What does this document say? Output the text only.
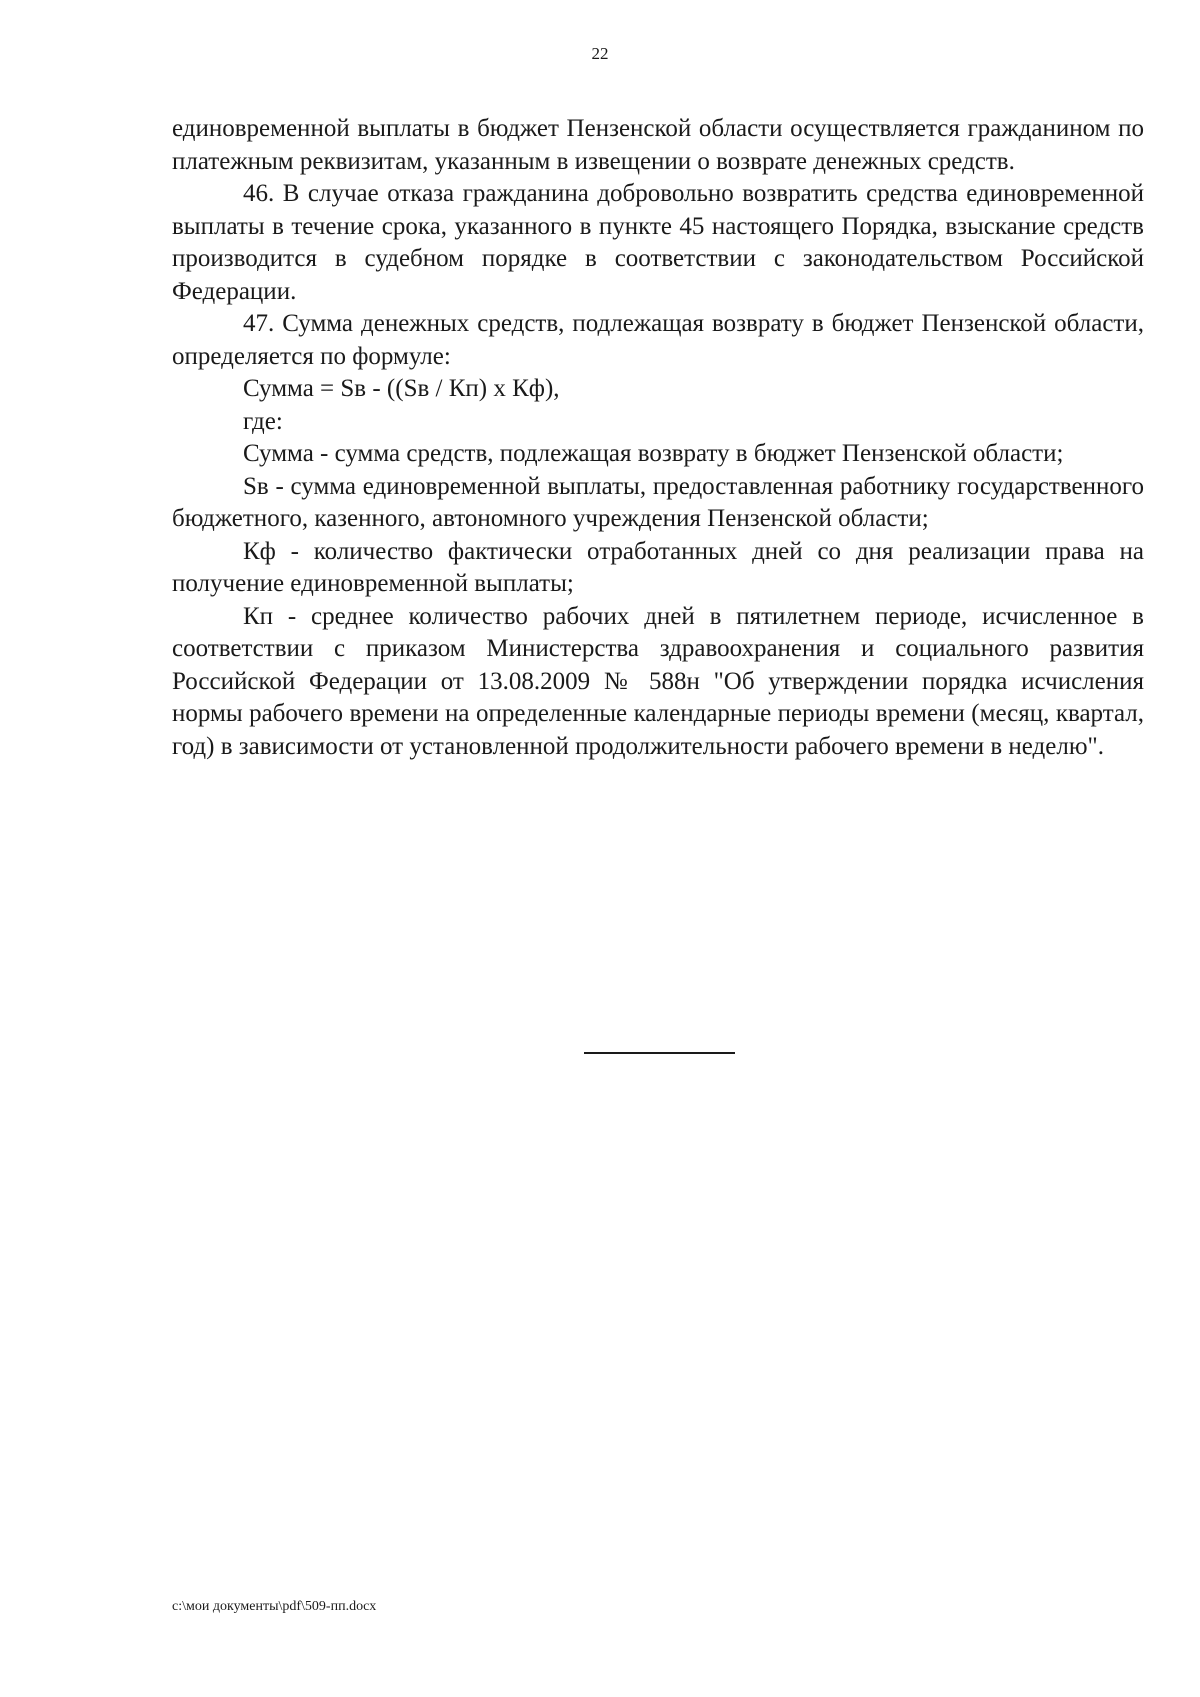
22

единовременной выплаты в бюджет Пензенской области осуществляется гражданином по платежным реквизитам, указанным в извещении о возврате денежных средств.

46. В случае отказа гражданина добровольно возвратить средства единовременной выплаты в течение срока, указанного в пункте 45 настоящего Порядка, взыскание средств производится в судебном порядке в соответствии с законодательством Российской Федерации.

47. Сумма денежных средств, подлежащая возврату в бюджет Пензенской области, определяется по формуле:

Сумма = Sв - ((Sв / Кп) х Кф),

где:

Сумма - сумма средств, подлежащая возврату в бюджет Пензенской области;

Sв - сумма единовременной выплаты, предоставленная работнику государственного бюджетного, казенного, автономного учреждения Пензенской области;

Кф - количество фактически отработанных дней со дня реализации права на получение единовременной выплаты;

Кп - среднее количество рабочих дней в пятилетнем периоде, исчисленное в соответствии с приказом Министерства здравоохранения и социального развития Российской Федерации от 13.08.2009 № 588н "Об утверждении порядка исчисления нормы рабочего времени на определенные календарные периоды времени (месяц, квартал, год) в зависимости от установленной продолжительности рабочего времени в неделю".

c:\мои документы\pdf\509-пп.docx
